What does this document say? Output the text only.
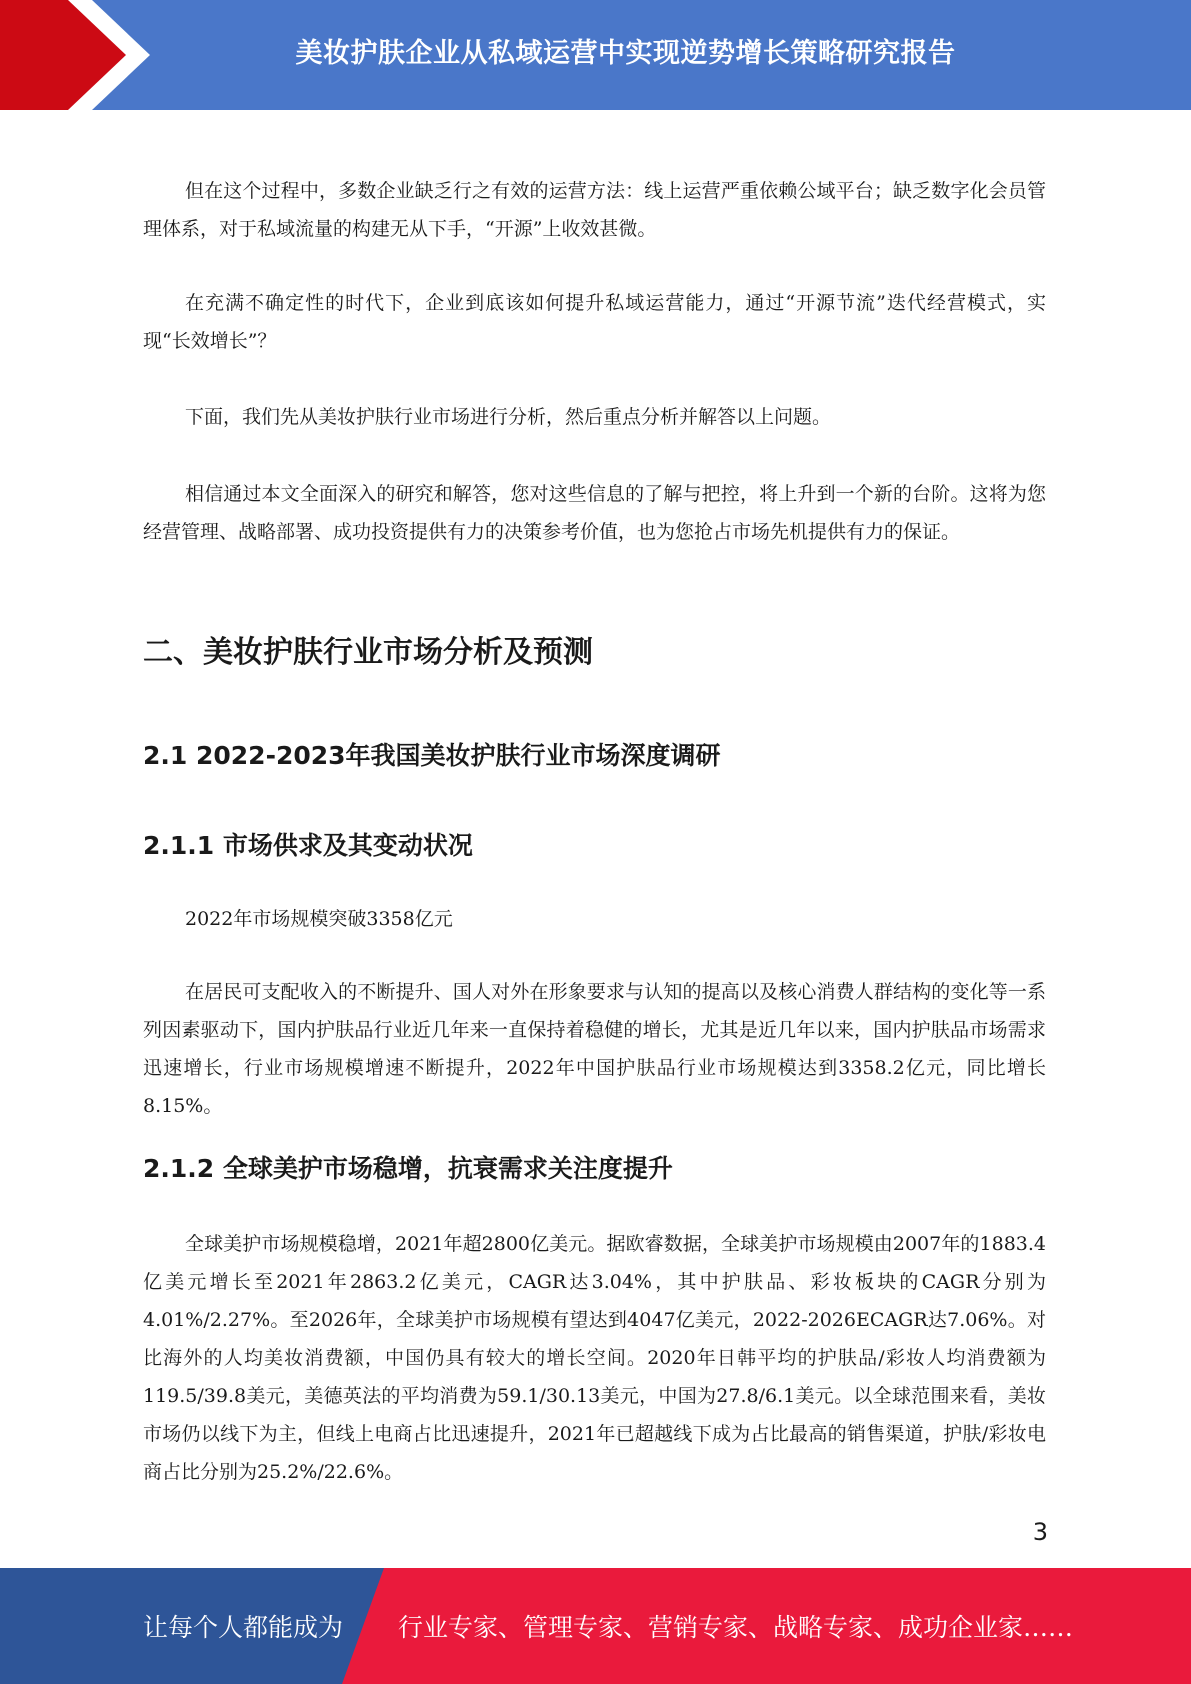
美妆护肤企业从私域运营中实现逆势增长策略研究报告

但在这个过程中，多数企业缺乏行之有效的运营方法：线上运营严重依赖公域平台；缺乏数字化会员管理体系，对于私域流量的构建无从下手，“开源”上收效甚微。

在充满不确定性的时代下，企业到底该如何提升私域运营能力，通过“开源节流”迭代经营模式，实现“长效增长”？

下面，我们先从美妆护肤行业市场进行分析，然后重点分析并解答以上问题。

相信通过本文全面深入的研究和解答，您对这些信息的了解与把控，将上升到一个新的台阶。这将为您经营管理、战略部署、成功投资提供有力的决策参考价值，也为您抢占市场先机提供有力的保证。

二、美妆护肤行业市场分析及预测
2.1 2022-2023年我国美妆护肤行业市场深度调研
2.1.1 市场供求及其变动状况

2022年市场规模突破3358亿元

在居民可支配收入的不断提升、国人对外在形象要求与认知的提高以及核心消费人群结构的变化等一系列因素驱动下，国内护肤品行业近几年来一直保持着稳健的增长，尤其是近几年以来，国内护肤品市场需求迅速增长，行业市场规模增速不断提升，2022年中国护肤品行业市场规模达到3358.2亿元，同比增长8.15%。

2.1.2 全球美护市场稳增，抗衰需求关注度提升

全球美护市场规模稳增，2021年超2800亿美元。据欧睿数据，全球美护市场规模由2007年的1883.4亿美元增长至2021年2863.2亿美元，CAGR达3.04%，其中护肤品、彩妆板块的CAGR分别为4.01%/2.27%。至2026年，全球美护市场规模有望达到4047亿美元，2022-2026ECAGR达7.06%。对比海外的人均美妆消费额，中国仍具有较大的增长空间。2020年日韩平均的护肤品/彩妆人均消费额为119.5/39.8美元，美德英法的平均消费为59.1/30.13美元，中国为27.8/6.1美元。以全球范围来看，美妆市场仍以线下为主，但线上电商占比迅速提升，2021年已超越线下成为占比最高的销售渠道，护肤/彩妆电商占比分别为25.2%/22.6%。

3
让每个人都能成为 行业专家、管理专家、营销专家、战略专家、成功企业家……
